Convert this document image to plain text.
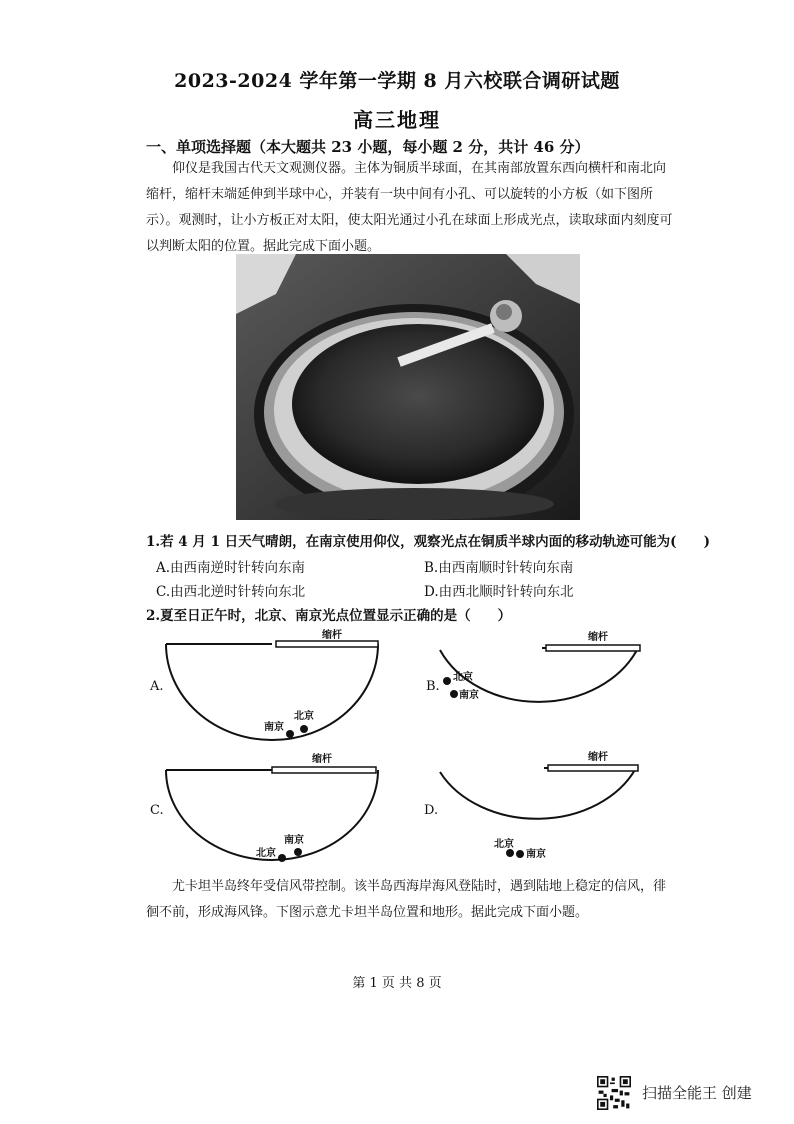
2023-2024 学年第一学期 8 月六校联合调研试题
高三地理
一、单项选择题（本大题共 23 小题，每小题 2 分，共计 46 分）

仰仪是我国古代天文观测仪器。主体为铜质半球面，在其南部放置东西向横杆和南北向缩杆，缩杆末端延伸到半球中心，并装有一块中间有小孔、可以旋转的小方板（如下图所示）。观测时，让小方板正对太阳，使太阳光通过小孔在球面上形成光点，读取球面内刻度可以判断太阳的位置。据此完成下面小题。

1.若 4 月 1 日天气晴朗，在南京使用仰仪，观察光点在铜质半球内面的移动轨迹可能为(　　)
A.由西南逆时针转向东南	B.由西南顺时针转向东南
C.由西北逆时针转向东北	D.由西北顺时针转向东北
2.夏至日正午时，北京、南京光点位置显示正确的是（　　）
A.
缩杆
南京
北京
B.
缩杆
北京
南京
C.
缩杆
北京
南京
D.
缩杆
北京
南京

尤卡坦半岛终年受信风带控制。该半岛西海岸海风登陆时，遇到陆地上稳定的信风，徘徊不前，形成海风锋。下图示意尤卡坦半岛位置和地形。据此完成下面小题。

第 1 页 共 8 页
扫描全能王 创建
